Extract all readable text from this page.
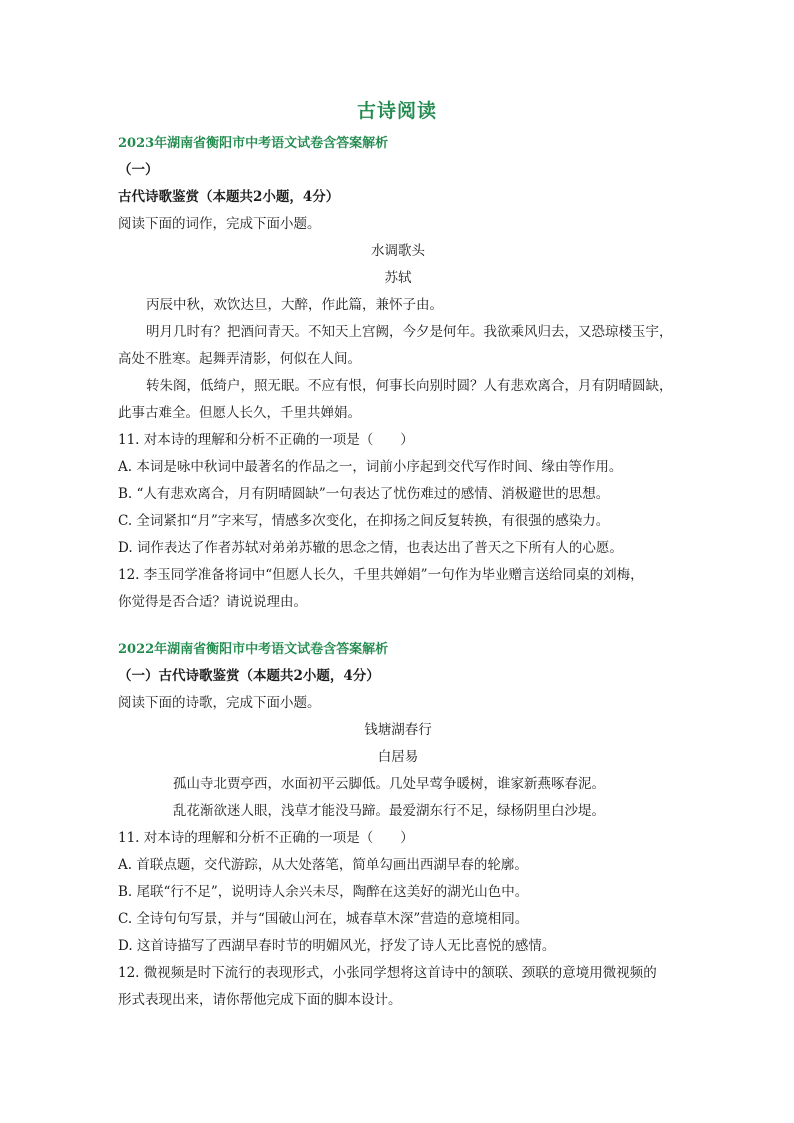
古诗阅读
2023年湖南省衡阳市中考语文试卷含答案解析
（一）
古代诗歌鉴赏（本题共2小题，4分）
阅读下面的词作，完成下面小题。
水调歌头
苏轼
丙辰中秋，欢饮达旦，大醉，作此篇，兼怀子由。
明月几时有？把酒问青天。不知天上宫阙，今夕是何年。我欲乘风归去，又恐琼楼玉宇，
高处不胜寒。起舞弄清影，何似在人间。
转朱阁，低绮户，照无眠。不应有恨，何事长向别时圆？人有悲欢离合，月有阴晴圆缺，
此事古难全。但愿人长久，千里共婵娟。
11. 对本诗的理解和分析不正确的一项是（　　）
A. 本词是咏中秋词中最著名的作品之一，词前小序起到交代写作时间、缘由等作用。
B. “人有悲欢离合，月有阴晴圆缺”一句表达了忧伤难过的感情、消极避世的思想。
C. 全词紧扣“月”字来写，情感多次变化，在抑扬之间反复转换，有很强的感染力。
D. 词作表达了作者苏轼对弟弟苏辙的思念之情，也表达出了普天之下所有人的心愿。
12. 李玉同学准备将词中“但愿人长久，千里共婵娟”一句作为毕业赠言送给同桌的刘梅，
你觉得是否合适？请说说理由。
2022年湖南省衡阳市中考语文试卷含答案解析
（一）古代诗歌鉴赏（本题共2小题，4分）
阅读下面的诗歌，完成下面小题。
钱塘湖春行
白居易
孤山寺北贾亭西，水面初平云脚低。几处早莺争暖树，谁家新燕啄春泥。
乱花渐欲迷人眼，浅草才能没马蹄。最爱湖东行不足，绿杨阴里白沙堤。
11. 对本诗的理解和分析不正确的一项是（　　）
A. 首联点题，交代游踪，从大处落笔，简单勾画出西湖早春的轮廓。
B. 尾联“行不足”，说明诗人余兴未尽，陶醉在这美好的湖光山色中。
C. 全诗句句写景，并与“国破山河在，城春草木深”营造的意境相同。
D. 这首诗描写了西湖早春时节的明媚风光，抒发了诗人无比喜悦的感情。
12. 微视频是时下流行的表现形式，小张同学想将这首诗中的颔联、颈联的意境用微视频的
形式表现出来，请你帮他完成下面的脚本设计。
